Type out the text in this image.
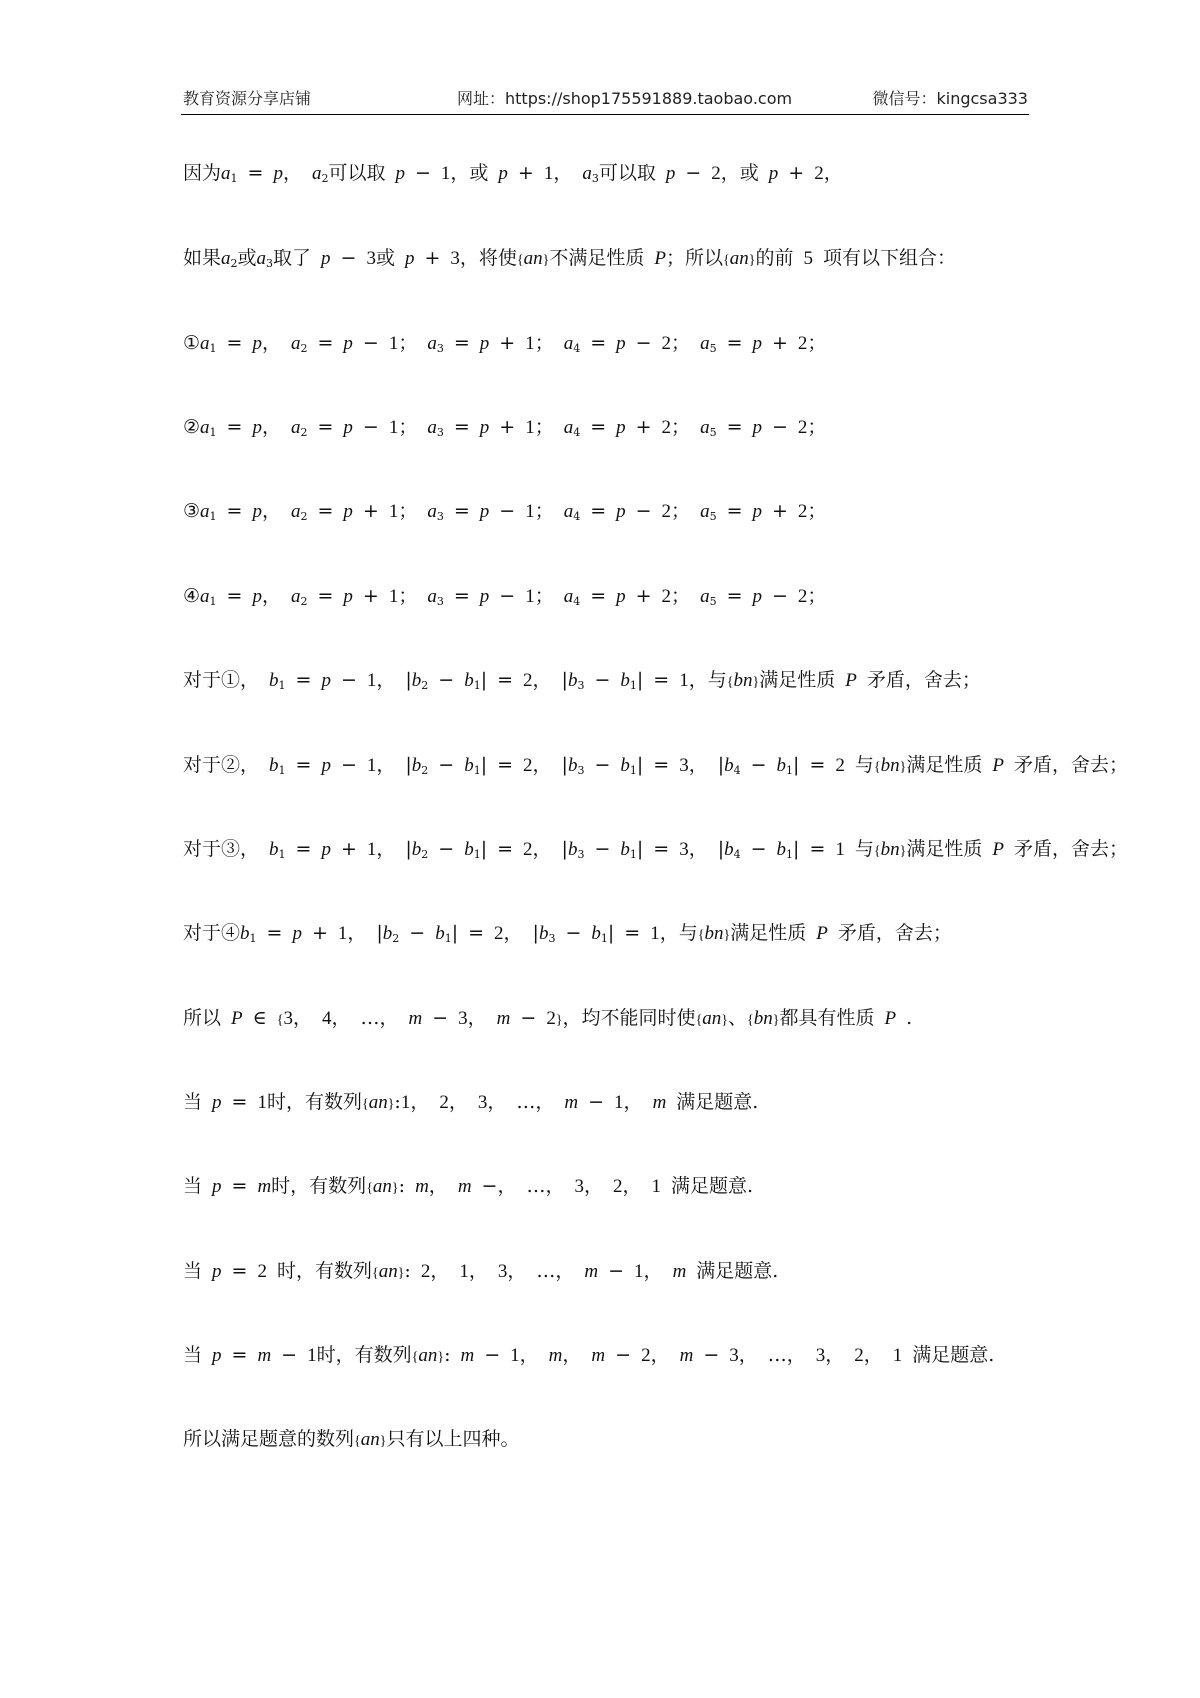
教育资源分享店铺	网址：https://shop175591889.taobao.com	微信号：kingcsa333
因为$a_1 = p$， $a_2$可以取 p − 1，或 p + 1， $a_3$可以取 p − 2，或 p + 2，
如果$a_2$或$a_3$取了 p − 3或 p + 3，将使{an}不满足性质 P；所以{an}的前 5 项有以下组合：
$①a_1 = p$， $a_2 = p - 1$； $a_3 = p + 1$； $a_4 = p - 2$； $a_5 = p + 2$；
$②a_1 = p$， $a_2 = p - 1$； $a_3 = p + 1$； $a_4 = p + 2$； $a_5 = p - 2$；
$③a_1 = p$， $a_2 = p + 1$； $a_3 = p - 1$； $a_4 = p - 2$； $a_5 = p + 2$；
$④a_1 = p$， $a_2 = p + 1$； $a_3 = p - 1$； $a_4 = p + 2$； $a_5 = p - 2$；
对于①， $b_1 = p - 1$， $|b_2 - b_1| = 2$， $|b_3 - b_1| = 1$，与{bn}满足性质 P 矛盾，舍去；
对于②， $b_1 = p - 1$， $|b_2 - b_1| = 2$， $|b_3 - b_1| = 3$， $|b_4 - b_1| = 2$ 与{bn}满足性质 P 矛盾，舍去；
对于③， $b_1 = p + 1$， $|b_2 - b_1| = 2$， $|b_3 - b_1| = 3$， $|b_4 - b_1| = 1$ 与{bn}满足性质 P 矛盾，舍去；
对于$④b_1 = p + 1$， $|b_2 - b_1| = 2$， $|b_3 - b_1| = 1$，与{bn}满足性质 P 矛盾，舍去；
所以 P ∈ {3， 4， …， m − 3， m − 2}，均不能同时使{an}、{bn}都具有性质 P .
当 p = 1时，有数列{an}:1， 2， 3， …， m − 1， m 满足题意.
当 p = m时，有数列{an}: m， m −， …， 3， 2， 1 满足题意.
当 p = 2 时，有数列{an}: 2， 1， 3， …， m − 1， m 满足题意.
当 p = m − 1时，有数列{an}: m − 1， m， m − 2， m − 3， …， 3， 2， 1 满足题意.
所以满足题意的数列{an}只有以上四种。
